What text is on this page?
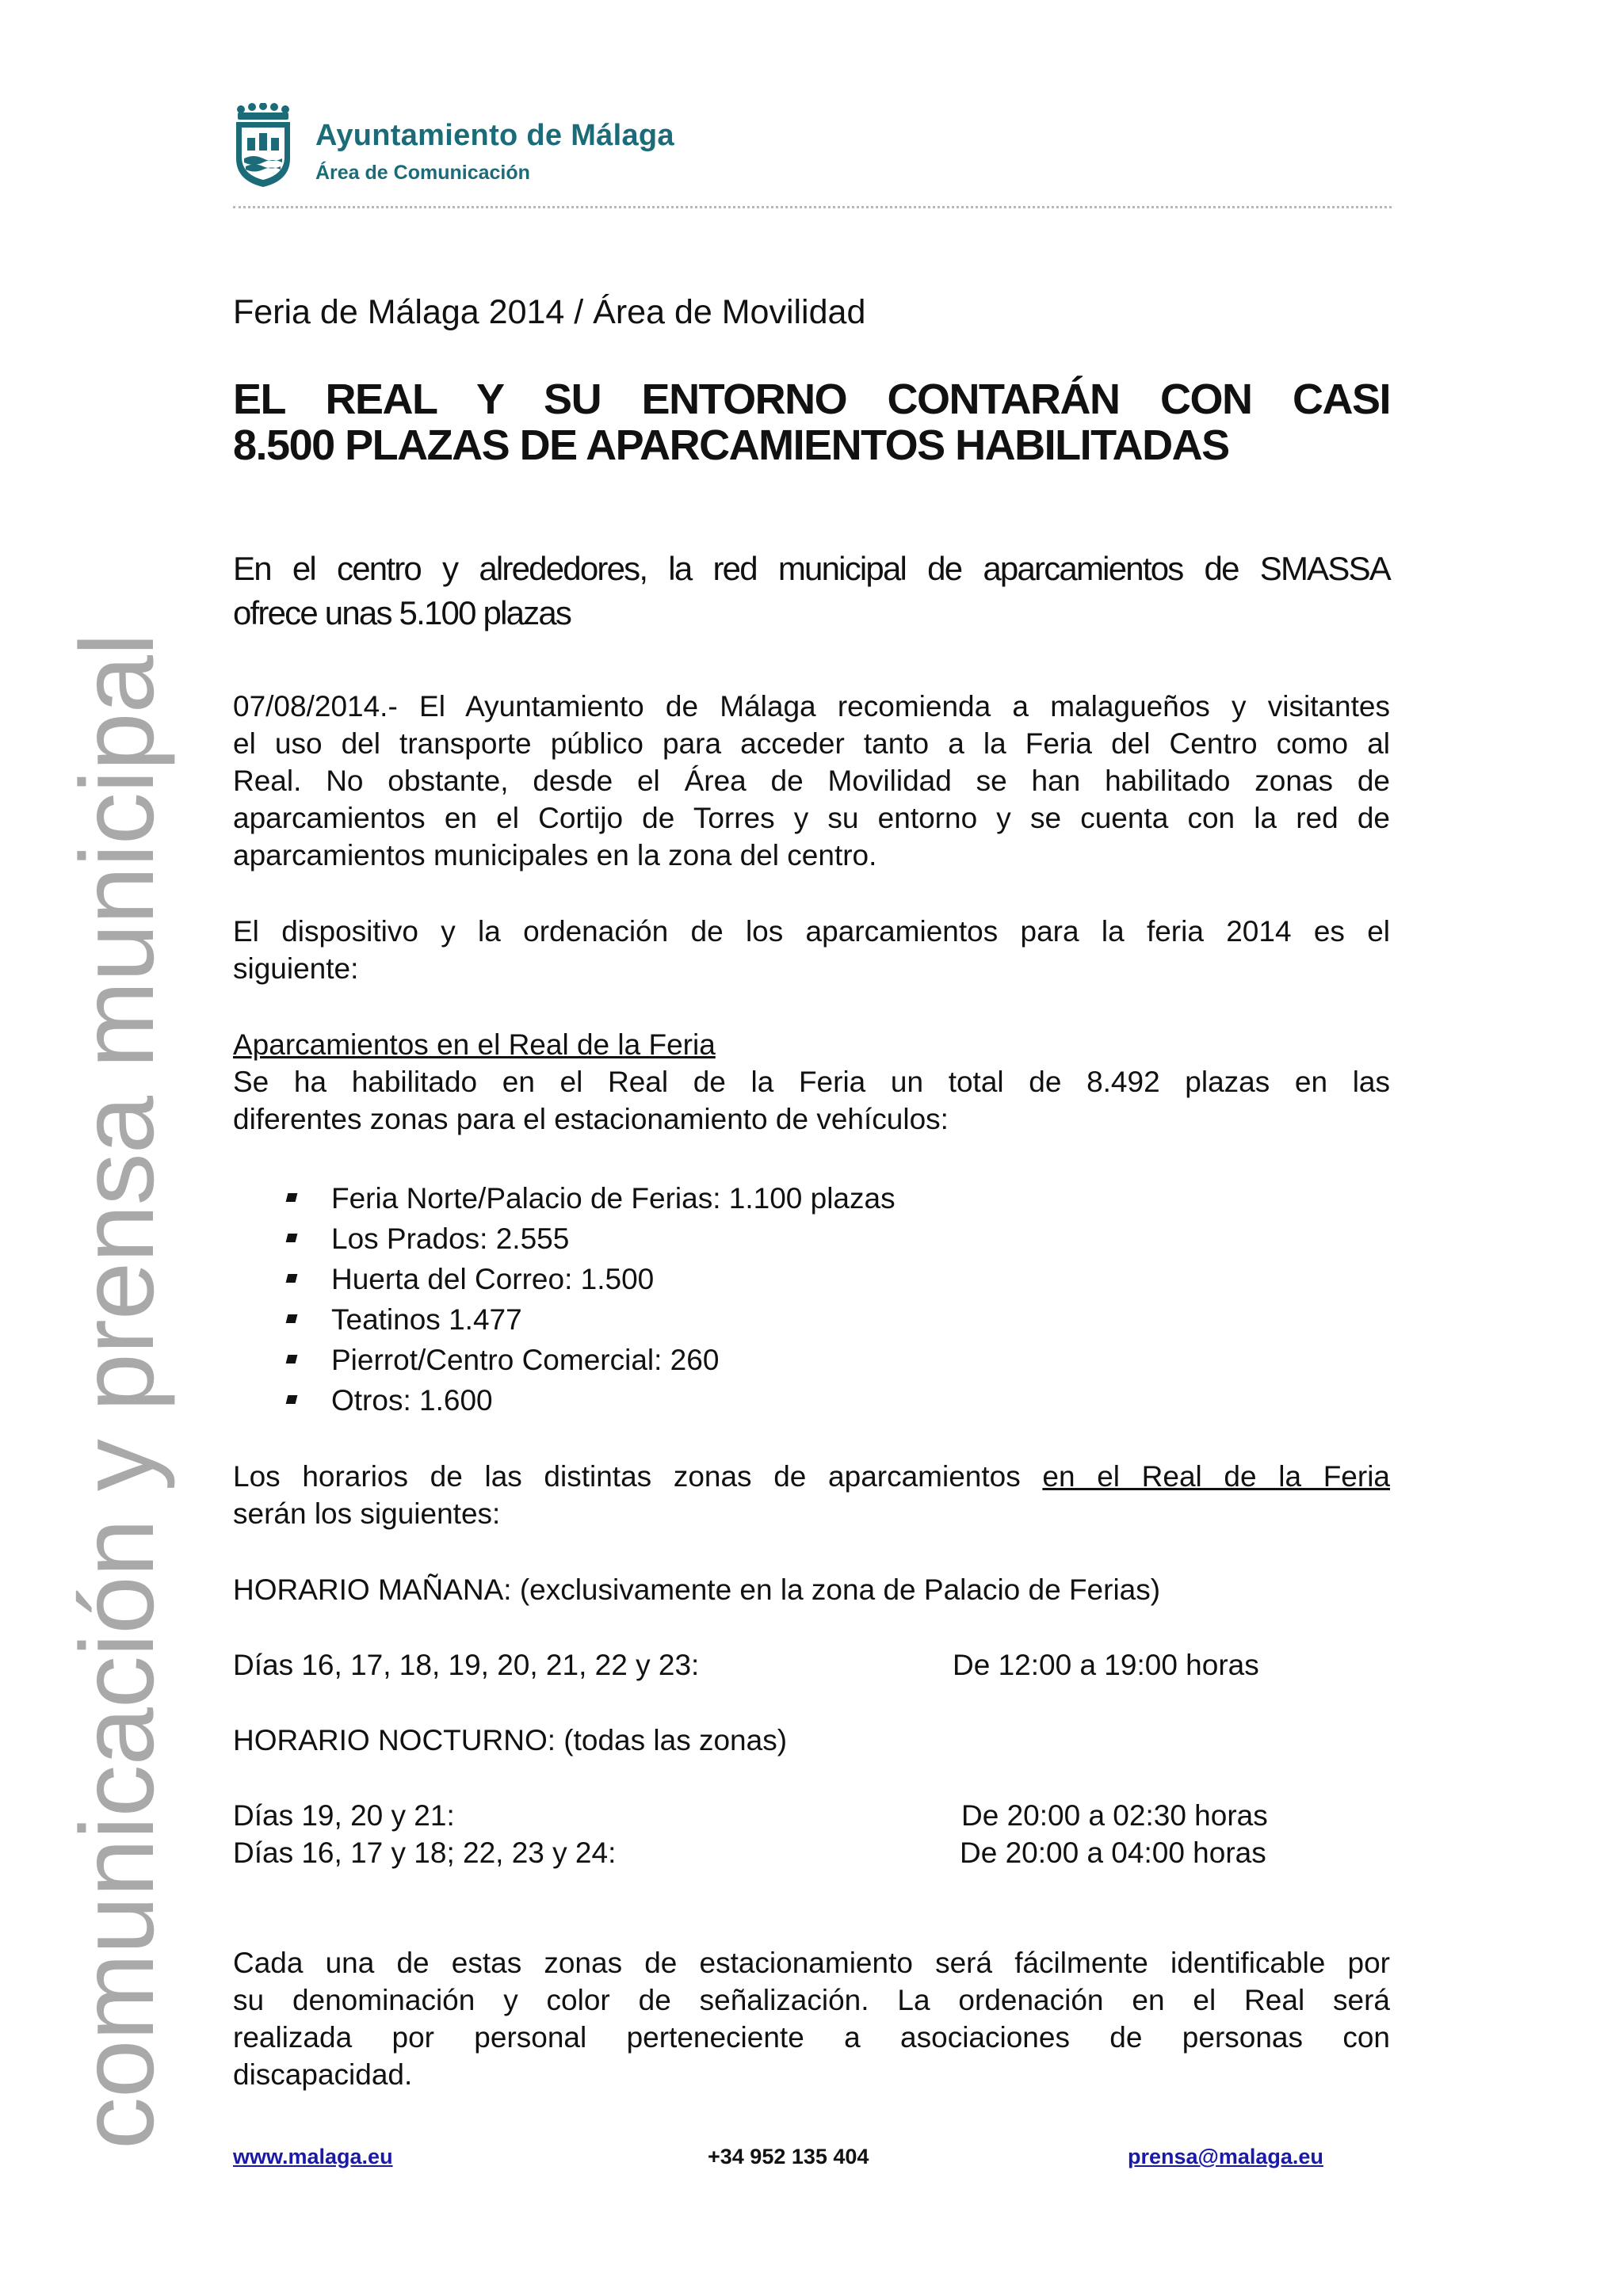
Ayuntamiento de Málaga
Área de Comunicación
comunicación y prensa municipal
Feria de Málaga 2014 / Área de Movilidad
EL REAL Y SU ENTORNO CONTARÁN CON CASI
8.500 PLAZAS DE APARCAMIENTOS HABILITADAS
En el centro y alrededores, la red municipal de aparcamientos de SMASSA
ofrece unas 5.100 plazas
07/08/2014.- El Ayuntamiento de Málaga recomienda a malagueños y visitantes
el uso del transporte público para acceder tanto a la Feria del Centro como al
Real. No obstante, desde el Área de Movilidad se han habilitado zonas de
aparcamientos en el Cortijo de Torres y su entorno y se cuenta con la red de
aparcamientos municipales en la zona del centro.
El dispositivo y la ordenación de los aparcamientos para la feria 2014 es el
siguiente:
Aparcamientos en el Real de la Feria
Se ha habilitado en el Real de la Feria un total de 8.492 plazas en las
diferentes zonas para el estacionamiento de vehículos:
Feria Norte/Palacio de Ferias: 1.100 plazas
Los Prados: 2.555
Huerta del Correo: 1.500
Teatinos 1.477
Pierrot/Centro Comercial: 260
Otros: 1.600
Los horarios de las distintas zonas de aparcamientos en el Real de la Feria
serán los siguientes:
HORARIO MAÑANA: (exclusivamente en la zona de Palacio de Ferias)
Días 16, 17, 18, 19, 20, 21, 22 y 23:	De 12:00 a 19:00 horas
HORARIO NOCTURNO: (todas las zonas)
Días 19, 20 y 21:	De 20:00 a 02:30 horas
Días 16, 17 y 18; 22, 23 y 24:	De 20:00 a 04:00 horas
Cada una de estas zonas de estacionamiento será fácilmente identificable por
su denominación y color de señalización. La ordenación en el Real será
realizada por personal perteneciente a asociaciones de personas con
discapacidad.
www.malaga.eu	+34 952 135 404	prensa@malaga.eu
